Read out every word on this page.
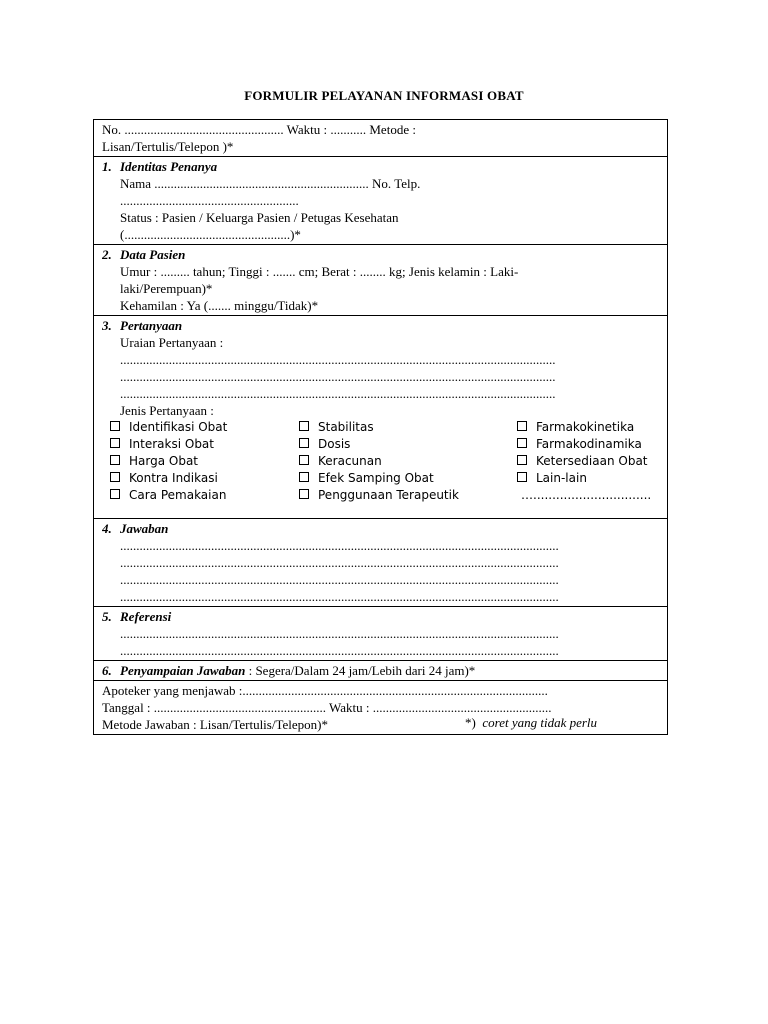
FORMULIR PELAYANAN INFORMASI OBAT
No. ................................................. Waktu : ........... Metode :
Lisan/Tertulis/Telepon )*
1. Identitas Penanya
Nama .................................................................. No. Telp.
.......................................................
Status : Pasien / Keluarga Pasien / Petugas Kesehatan
(...................................................)*
2. Data Pasien
Umur : ......... tahun; Tinggi : ....... cm; Berat : ........ kg; Jenis kelamin : Laki-
laki/Perempuan)*
Kehamilan : Ya (....... minggu/Tidak)*
3. Pertanyaan
Uraian Pertanyaan :
......................................................................................................................................
......................................................................................................................................
......................................................................................................................................
Jenis Pertanyaan :
Identifikasi Obat	Stabilitas	Farmakokinetika
Interaksi Obat	Dosis	Farmakodinamika
Harga Obat	Keracunan	Ketersediaan Obat
Kontra Indikasi	Efek Samping Obat	Lain-lain
Cara Pemakaian	Penggunaan Terapeutik	…...............................
4. Jawaban
.......................................................................................................................................
.......................................................................................................................................
.......................................................................................................................................
.......................................................................................................................................
5. Referensi
.......................................................................................................................................
.......................................................................................................................................
6. Penyampaian Jawaban : Segera/Dalam 24 jam/Lebih dari 24 jam)*
Apoteker yang menjawab :..............................................................................................
Tanggal : ..................................................... Waktu : .......................................................
Metode Jawaban : Lisan/Tertulis/Telepon)*	*) coret yang tidak perlu
